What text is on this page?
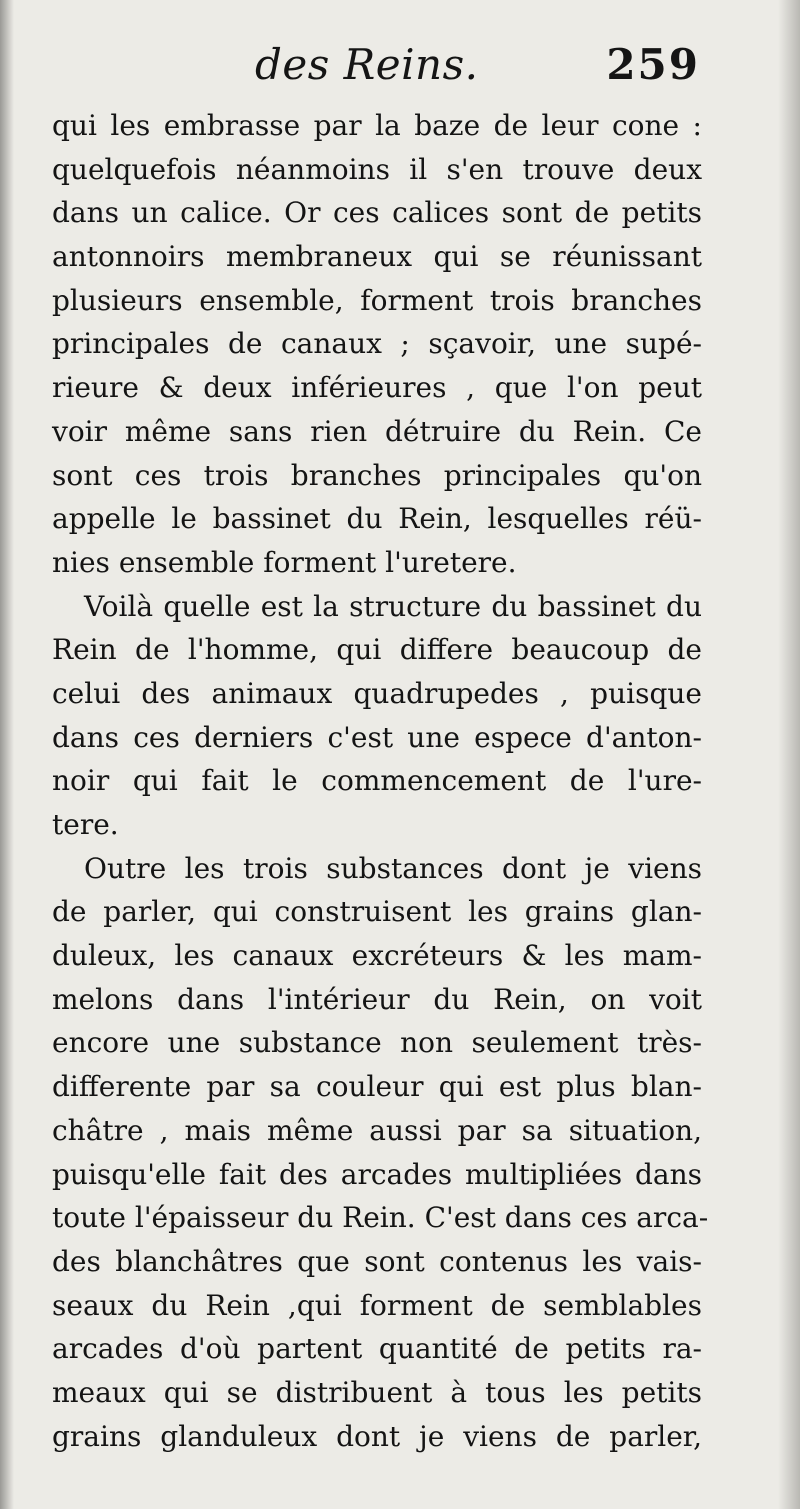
des Reins.	259
qui les embrasse par la baze de leur cone :
quelquefois néanmoins il s'en trouve deux
dans un calice. Or ces calices sont de petits
antonnoirs membraneux qui se réunissant
plusieurs ensemble, forment trois branches
principales de canaux ; sçavoir, une supé-
rieure & deux inférieures , que l'on peut
voir même sans rien détruire du Rein. Ce
sont ces trois branches principales qu'on
appelle le bassinet du Rein, lesquelles réü-
nies ensemble forment l'uretere.
Voilà quelle est la structure du bassinet du
Rein de l'homme, qui differe beaucoup de
celui des animaux quadrupedes , puisque
dans ces derniers c'est une espece d'anton-
noir qui fait le commencement de l'ure-
tere.
Outre les trois substances dont je viens
de parler, qui construisent les grains glan-
duleux, les canaux excréteurs & les mam-
melons dans l'intérieur du Rein, on voit
encore une substance non seulement très-
differente par sa couleur qui est plus blan-
châtre , mais même aussi par sa situation,
puisqu'elle fait des arcades multipliées dans
toute l'épaisseur du Rein. C'est dans ces arca-
des blanchâtres que sont contenus les vais-
seaux du Rein ,qui forment de semblables
arcades d'où partent quantité de petits ra-
meaux qui se distribuent à tous les petits
grains glanduleux dont je viens de parler,
